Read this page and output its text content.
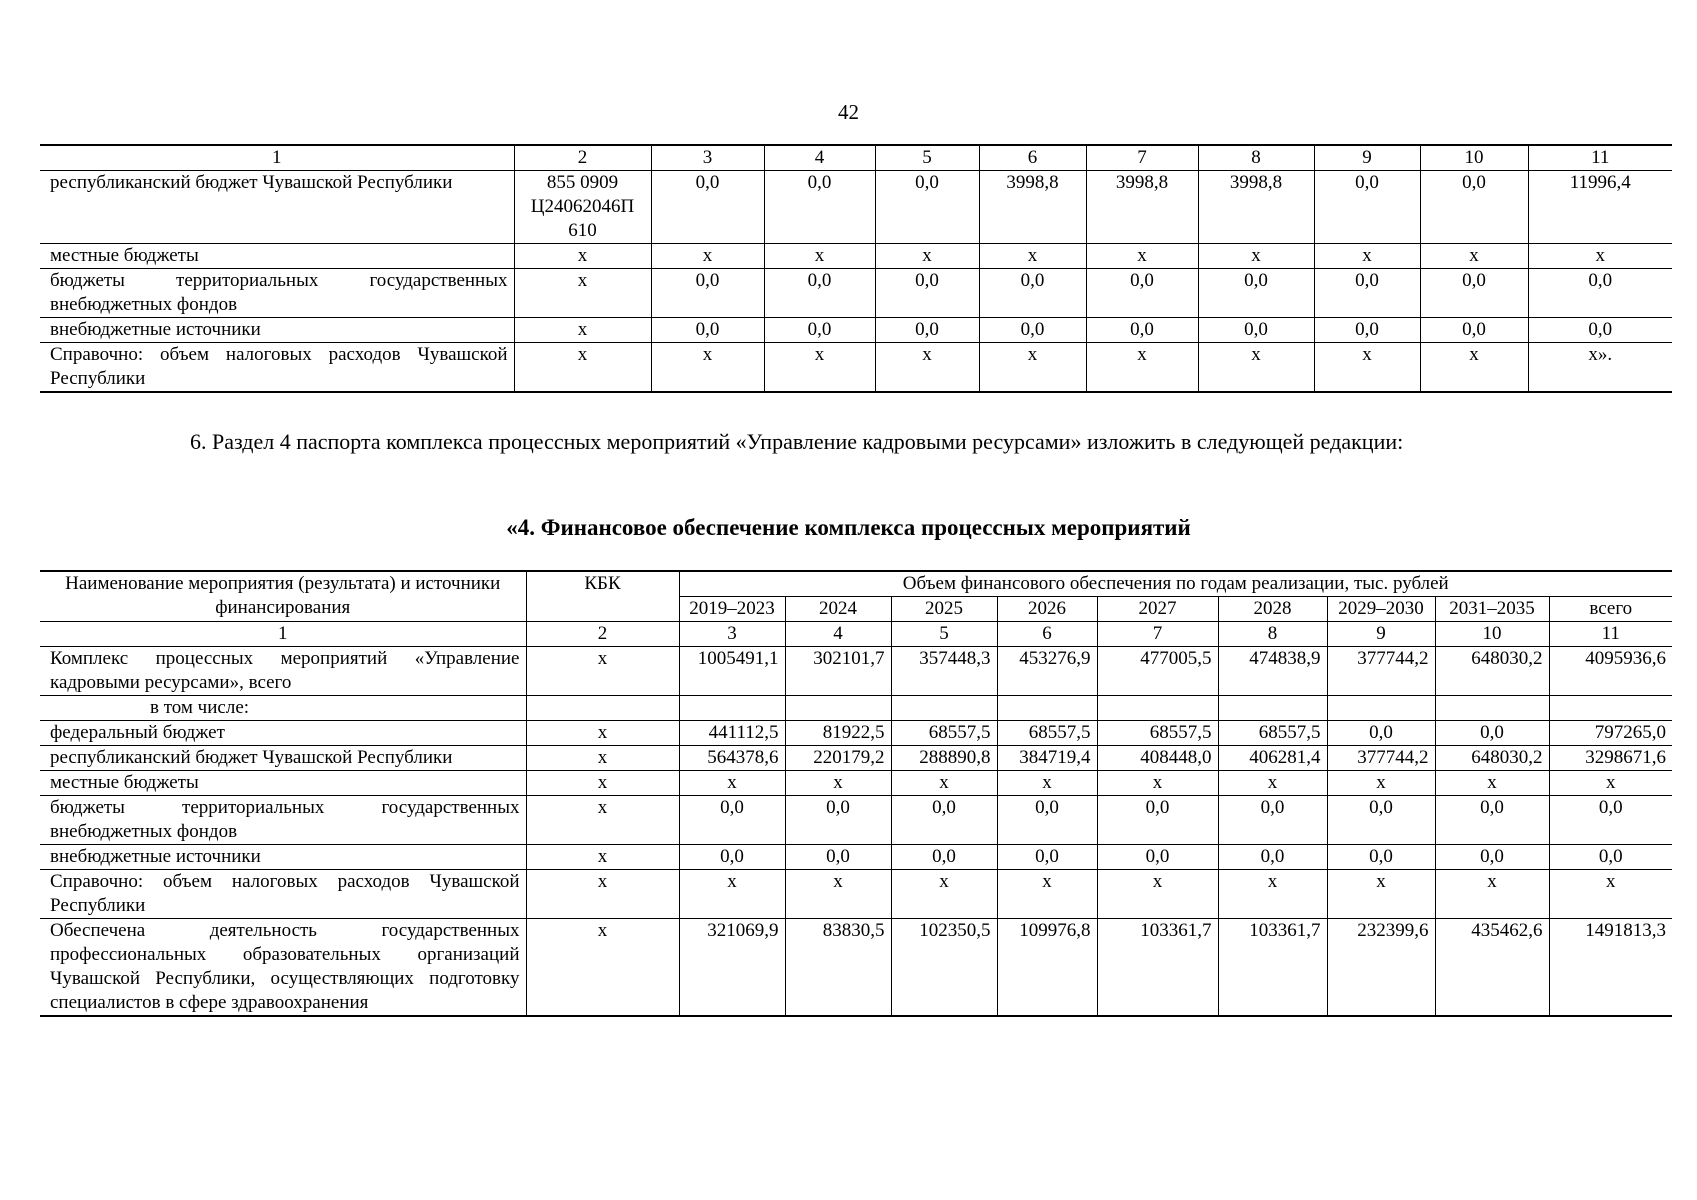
42
1	2	3	4	5	6	7	8	9	10	11
республиканский бюджет Чувашской Республики	855 0909 Ц24062046П 610	0,0	0,0	0,0	3998,8	3998,8	3998,8	0,0	0,0	11996,4
местные бюджеты	x	x	x	x	x	x	x	x	x	x
бюджеты территориальных государственных внебюджетных фондов	x	0,0	0,0	0,0	0,0	0,0	0,0	0,0	0,0	0,0
внебюджетные источники	x	0,0	0,0	0,0	0,0	0,0	0,0	0,0	0,0	0,0
Справочно: объем налоговых расходов Чувашской Республики	x	x	x	x	x	x	x	x	x	x».

6. Раздел 4 паспорта комплекса процессных мероприятий «Управление кадровыми ресурсами» изложить в следующей редакции:

«4. Финансовое обеспечение комплекса процессных мероприятий
Наименование мероприятия (результата) и источники финансирования	КБК	Объем финансового обеспечения по годам реализации, тыс. рублей								
		2019–2023	2024	2025	2026	2027	2028	2029–2030	2031–2035	всего
1	2	3	4	5	6	7	8	9	10	11
Комплекс процессных мероприятий «Управление кадровыми ресурсами», всего	x	1005491,1	302101,7	357448,3	453276,9	477005,5	474838,9	377744,2	648030,2	4095936,6
в том числе:										
федеральный бюджет	x	441112,5	81922,5	68557,5	68557,5	68557,5	68557,5	0,0	0,0	797265,0
республиканский бюджет Чувашской Республики	x	564378,6	220179,2	288890,8	384719,4	408448,0	406281,4	377744,2	648030,2	3298671,6
местные бюджеты	x	x	x	x	x	x	x	x	x	x
бюджеты территориальных государственных внебюджетных фондов	x	0,0	0,0	0,0	0,0	0,0	0,0	0,0	0,0	0,0
внебюджетные источники	x	0,0	0,0	0,0	0,0	0,0	0,0	0,0	0,0	0,0
Справочно: объем налоговых расходов Чувашской Республики	x	x	x	x	x	x	x	x	x	x
Обеспечена деятельность государственных профессиональных образовательных организаций Чувашской Республики, осуществляющих подготовку специалистов в сфере здравоохранения	x	321069,9	83830,5	102350,5	109976,8	103361,7	103361,7	232399,6	435462,6	1491813,3
